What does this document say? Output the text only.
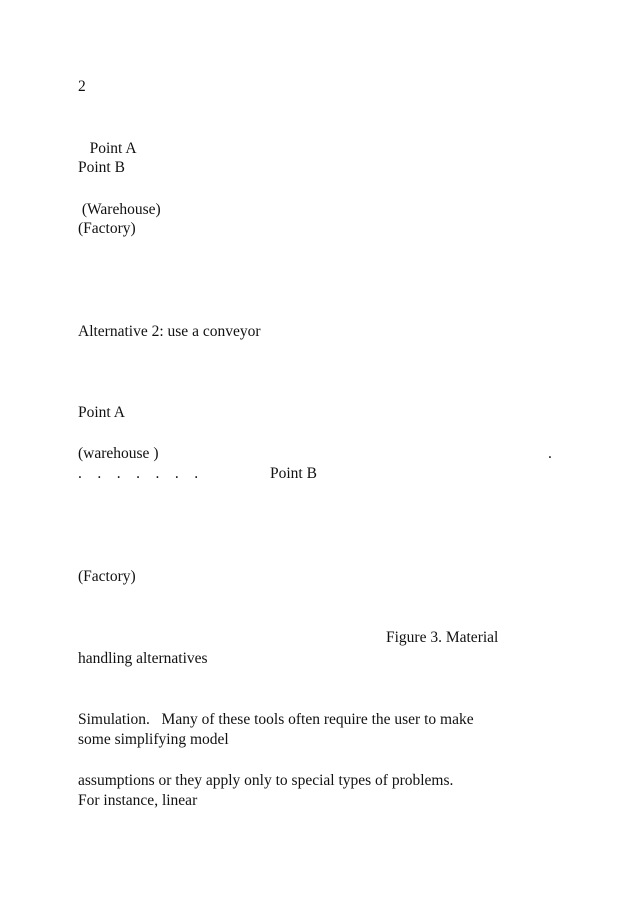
2
Point A
Point B
(Warehouse)
(Factory)
Alternative 2: use a conveyor
Point A
(warehouse )	.
.    .    .    .    .    .    .	Point B
(Factory)
Figure 3. Material
handling alternatives
Simulation.   Many of these tools often require the user to make
some simplifying model
assumptions or they apply only to special types of problems.
For instance, linear
